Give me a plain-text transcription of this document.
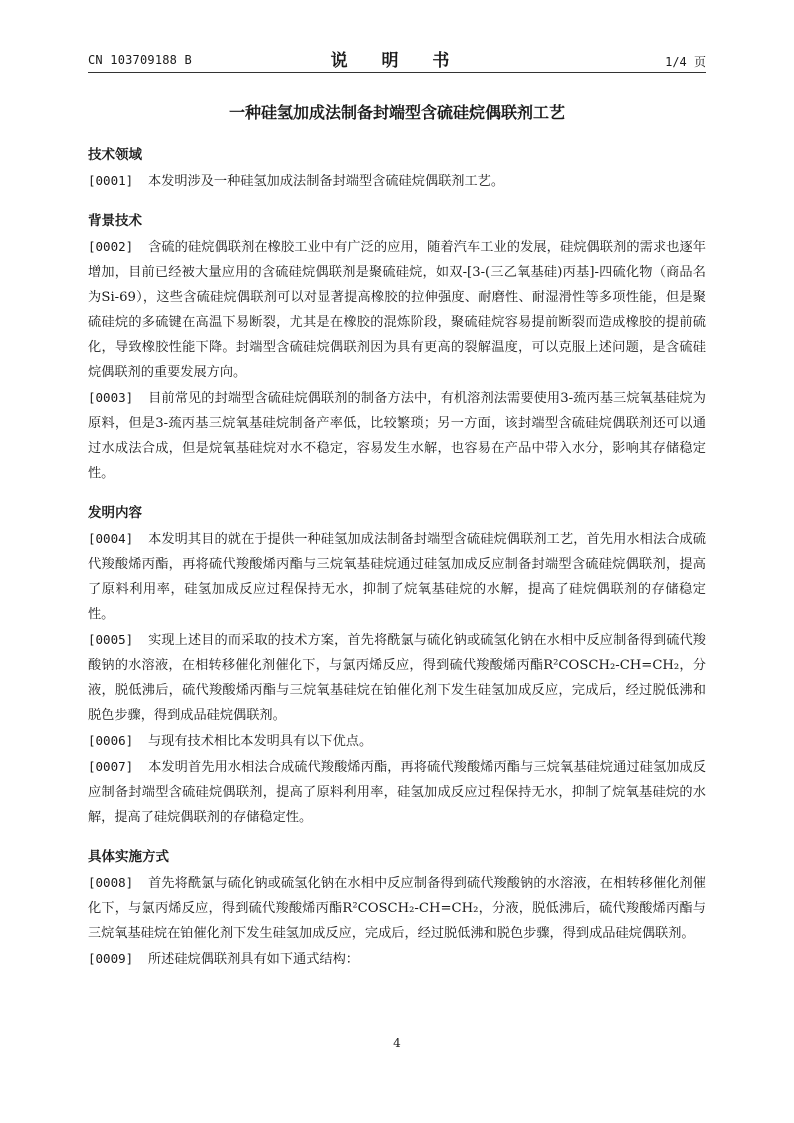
CN 103709188 B	说 明 书	1/4 页
一种硅氢加成法制备封端型含硫硅烷偶联剂工艺
技术领域

[0001] 本发明涉及一种硅氢加成法制备封端型含硫硅烷偶联剂工艺。

背景技术

[0002] 含硫的硅烷偶联剂在橡胶工业中有广泛的应用，随着汽车工业的发展，硅烷偶联剂的需求也逐年增加，目前已经被大量应用的含硫硅烷偶联剂是聚硫硅烷，如双-[3-(三乙氧基硅)丙基]-四硫化物（商品名为Si-69），这些含硫硅烷偶联剂可以对显著提高橡胶的拉伸强度、耐磨性、耐湿滑性等多项性能，但是聚硫硅烷的多硫键在高温下易断裂，尤其是在橡胶的混炼阶段，聚硫硅烷容易提前断裂而造成橡胶的提前硫化，导致橡胶性能下降。封端型含硫硅烷偶联剂因为具有更高的裂解温度，可以克服上述问题，是含硫硅烷偶联剂的重要发展方向。

[0003] 目前常见的封端型含硫硅烷偶联剂的制备方法中，有机溶剂法需要使用3-巯丙基三烷氧基硅烷为原料，但是3-巯丙基三烷氧基硅烷制备产率低，比较繁琐；另一方面，该封端型含硫硅烷偶联剂还可以通过水成法合成，但是烷氧基硅烷对水不稳定，容易发生水解，也容易在产品中带入水分，影响其存储稳定性。

发明内容

[0004] 本发明其目的就在于提供一种硅氢加成法制备封端型含硫硅烷偶联剂工艺，首先用水相法合成硫代羧酸烯丙酯，再将硫代羧酸烯丙酯与三烷氧基硅烷通过硅氢加成反应制备封端型含硫硅烷偶联剂，提高了原料利用率，硅氢加成反应过程保持无水，抑制了烷氧基硅烷的水解，提高了硅烷偶联剂的存储稳定性。

[0005] 实现上述目的而采取的技术方案，首先将酰氯与硫化钠或硫氢化钠在水相中反应制备得到硫代羧酸钠的水溶液，在相转移催化剂催化下，与氯丙烯反应，得到硫代羧酸烯丙酯R²COSCH₂-CH=CH₂，分液，脱低沸后，硫代羧酸烯丙酯与三烷氧基硅烷在铂催化剂下发生硅氢加成反应，完成后，经过脱低沸和脱色步骤，得到成品硅烷偶联剂。

[0006] 与现有技术相比本发明具有以下优点。

[0007] 本发明首先用水相法合成硫代羧酸烯丙酯，再将硫代羧酸烯丙酯与三烷氧基硅烷通过硅氢加成反应制备封端型含硫硅烷偶联剂，提高了原料利用率，硅氢加成反应过程保持无水，抑制了烷氧基硅烷的水解，提高了硅烷偶联剂的存储稳定性。

具体实施方式

[0008] 首先将酰氯与硫化钠或硫氢化钠在水相中反应制备得到硫代羧酸钠的水溶液，在相转移催化剂催化下，与氯丙烯反应，得到硫代羧酸烯丙酯R²COSCH₂-CH=CH₂，分液，脱低沸后，硫代羧酸烯丙酯与三烷氧基硅烷在铂催化剂下发生硅氢加成反应，完成后，经过脱低沸和脱色步骤，得到成品硅烷偶联剂。

[0009] 所述硅烷偶联剂具有如下通式结构：

4
